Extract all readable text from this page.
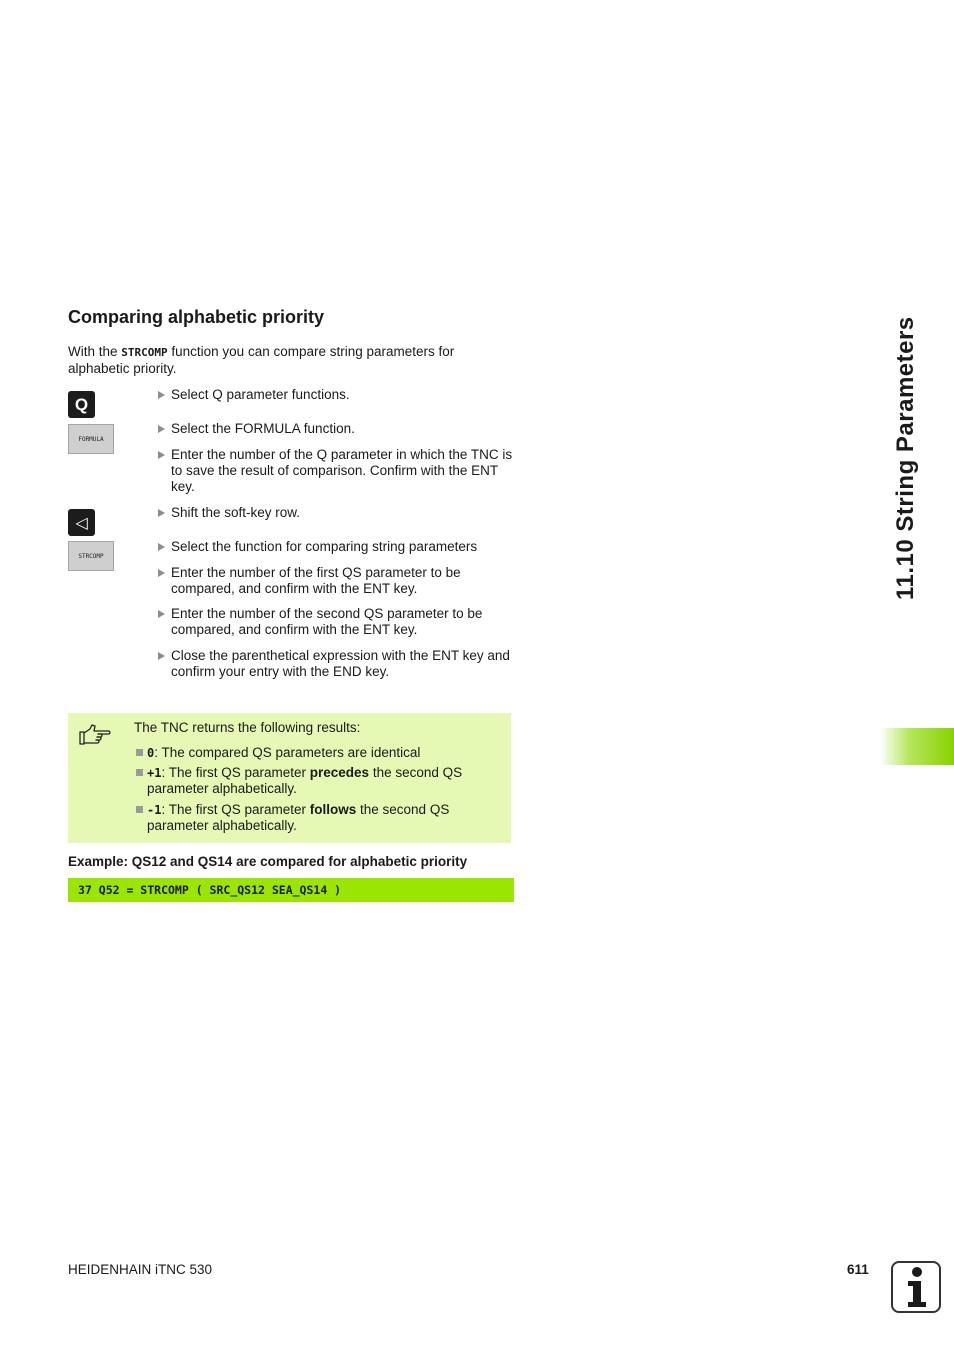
Comparing alphabetic priority
With the STRCOMP function you can compare string parameters for alphabetic priority.
Q
FORMULA
◁
STRCOMP
Select Q parameter functions.
Select the FORMULA function.
Enter the number of the Q parameter in which the TNC is to save the result of comparison. Confirm with the ENT key.
Shift the soft-key row.
Select the function for comparing string parameters
Enter the number of the first QS parameter to be compared, and confirm with the ENT key.
Enter the number of the second QS parameter to be compared, and confirm with the ENT key.
Close the parenthetical expression with the ENT key and confirm your entry with the END key.
The TNC returns the following results:
0: The compared QS parameters are identical
+1: The first QS parameter precedes the second QS parameter alphabetically.
-1: The first QS parameter follows the second QS parameter alphabetically.
Example: QS12 and QS14 are compared for alphabetic priority
37 Q52 = STRCOMP ( SRC_QS12 SEA_QS14 )
11.10 String Parameters
HEIDENHAIN iTNC 530	611
